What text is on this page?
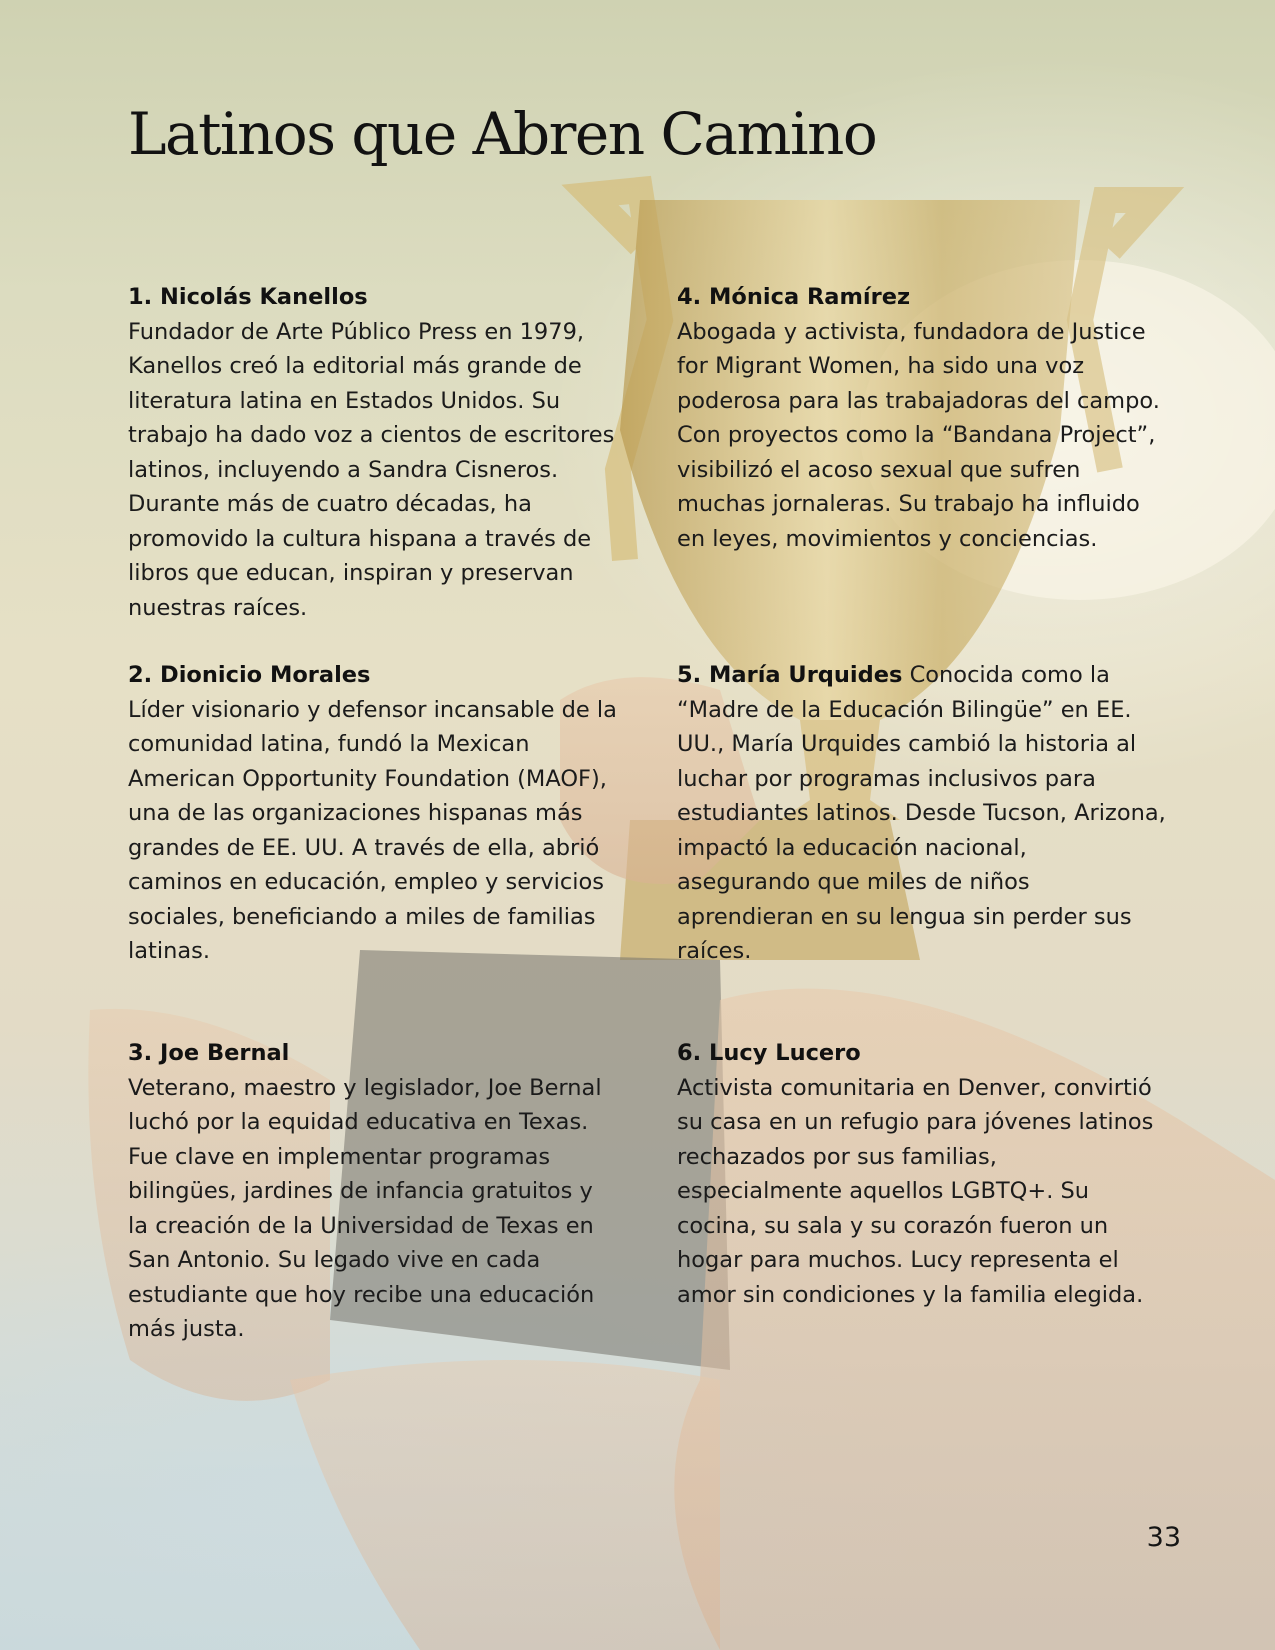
Latinos que Abren Camino

1. Nicolás Kanellos
Fundador de Arte Público Press en 1979, Kanellos creó la editorial más grande de literatura latina en Estados Unidos. Su trabajo ha dado voz a cientos de escritores latinos, incluyendo a Sandra Cisneros. Durante más de cuatro décadas, ha promovido la cultura hispana a través de libros que educan, inspiran y preservan nuestras raíces.

2. Dionicio Morales
Líder visionario y defensor incansable de la comunidad latina, fundó la Mexican American Opportunity Foundation (MAOF), una de las organizaciones hispanas más grandes de EE. UU. A través de ella, abrió caminos en educación, empleo y servicios sociales, beneficiando a miles de familias latinas.

3. Joe Bernal
Veterano, maestro y legislador, Joe Bernal luchó por la equidad educativa en Texas. Fue clave en implementar programas bilingües, jardines de infancia gratuitos y la creación de la Universidad de Texas en San Antonio. Su legado vive en cada estudiante que hoy recibe una educación más justa.

4. Mónica Ramírez
Abogada y activista, fundadora de Justice for Migrant Women, ha sido una voz poderosa para las trabajadoras del campo. Con proyectos como la “Bandana Project”, visibilizó el acoso sexual que sufren muchas jornaleras. Su trabajo ha influido en leyes, movimientos y conciencias.

5. María Urquides Conocida como la “Madre de la Educación Bilingüe” en EE. UU., María Urquides cambió la historia al luchar por programas inclusivos para estudiantes latinos. Desde Tucson, Arizona, impactó la educación nacional, asegurando que miles de niños aprendieran en su lengua sin perder sus raíces.

6. Lucy Lucero
Activista comunitaria en Denver, convirtió su casa en un refugio para jóvenes latinos rechazados por sus familias, especialmente aquellos LGBTQ+. Su cocina, su sala y su corazón fueron un hogar para muchos. Lucy representa el amor sin condiciones y la familia elegida.

33
